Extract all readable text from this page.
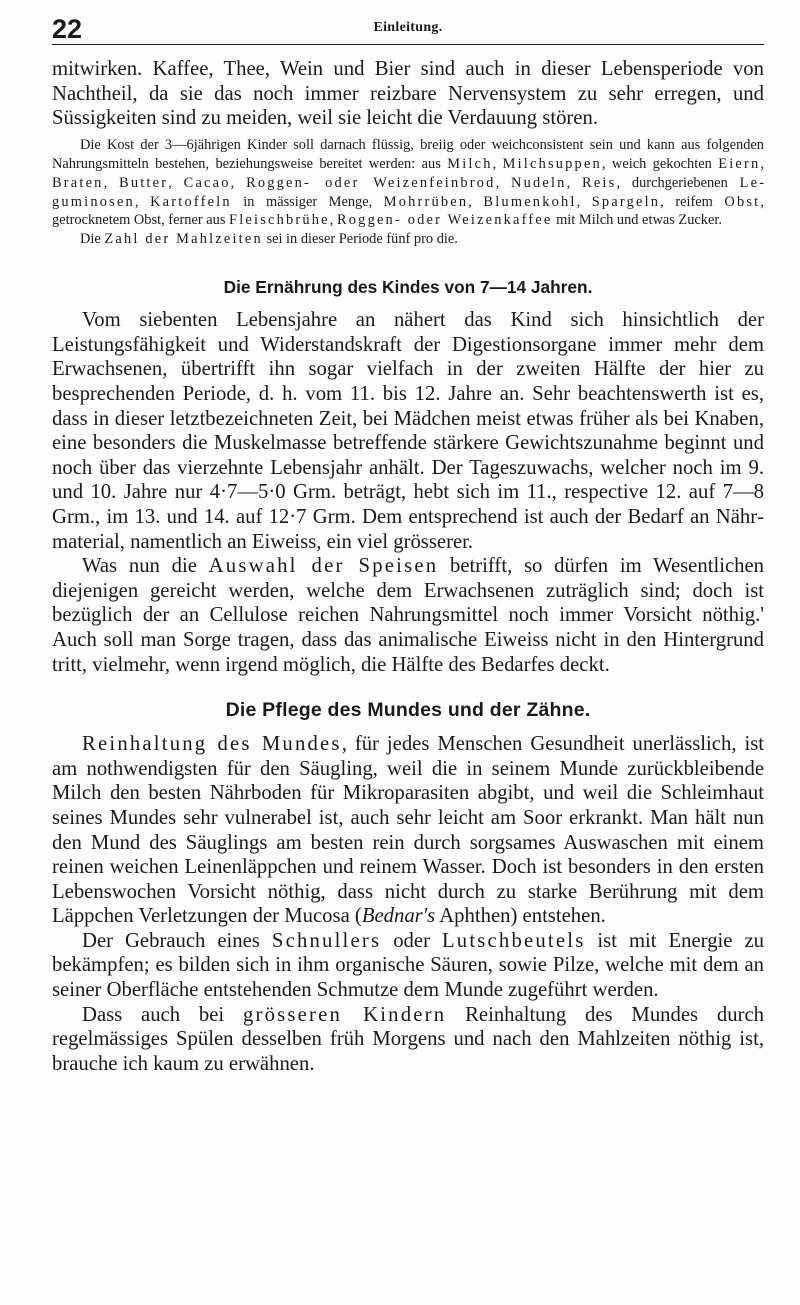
22	Einleitung.

mitwirken. Kaffee, Thee, Wein und Bier sind auch in dieser Lebensperiode von Nachtheil, da sie das noch immer reizbare Nervensystem zu sehr erregen, und Süssigkeiten sind zu meiden, weil sie leicht die Verdauung stören.

Die Kost der 3—6jährigen Kinder soll darnach flüssig, breiig oder weichconsistent sein und kann aus folgenden Nahrungsmitteln bestehen, beziehungsweise bereitet werden: aus Milch, Milchsuppen, weich gekochten Eiern, Braten, Butter, Cacao, Roggen- oder Weizenfeinbrod, Nudeln, Reis, durchgeriebenen Leguminosen, Kartoffeln in mässiger Menge, Mohrrüben, Blumenkohl, Spargeln, reifem Obst, getrocknetem Obst, ferner aus Fleischbrühe, Roggen- oder Weizenkaffee mit Milch und etwas Zucker.

Die Zahl der Mahlzeiten sei in dieser Periode fünf pro die.

Die Ernährung des Kindes von 7—14 Jahren.

Vom siebenten Lebensjahre an nähert das Kind sich hinsichtlich der Leistungsfähigkeit und Widerstandskraft der Digestionsorgane immer mehr dem Erwachsenen, übertrifft ihn sogar vielfach in der zweiten Hälfte der hier zu besprechenden Periode, d. h. vom 11. bis 12. Jahre an. Sehr beachtenswerth ist es, dass in dieser letztbezeichneten Zeit, bei Mädchen meist etwas früher als bei Knaben, eine besonders die Muskelmasse betreffende stärkere Gewichtszunahme beginnt und noch über das vierzehnte Lebensjahr anhält. Der Tageszuwachs, welcher noch im 9. und 10. Jahre nur 4·7—5·0 Grm. beträgt, hebt sich im 11., respective 12. auf 7—8 Grm., im 13. und 14. auf 12·7 Grm. Dem entsprechend ist auch der Bedarf an Nährmaterial, namentlich an Eiweiss, ein viel grösserer.

Was nun die Auswahl der Speisen betrifft, so dürfen im Wesentlichen diejenigen gereicht werden, welche dem Erwachsenen zuträglich sind; doch ist bezüglich der an Cellulose reichen Nahrungsmittel noch immer Vorsicht nöthig.' Auch soll man Sorge tragen, dass das animalische Eiweiss nicht in den Hintergrund tritt, vielmehr, wenn irgend möglich, die Hälfte des Bedarfes deckt.

Die Pflege des Mundes und der Zähne.

Reinhaltung des Mundes, für jedes Menschen Gesundheit unerlässlich, ist am nothwendigsten für den Säugling, weil die in seinem Munde zurückbleibende Milch den besten Nährboden für Mikroparasiten abgibt, und weil die Schleimhaut seines Mundes sehr vulnerabel ist, auch sehr leicht am Soor erkrankt. Man hält nun den Mund des Säuglings am besten rein durch sorgsames Auswaschen mit einem reinen weichen Leinenläppchen und reinem Wasser. Doch ist besonders in den ersten Lebenswochen Vorsicht nöthig, dass nicht durch zu starke Berührung mit dem Läppchen Verletzungen der Mucosa (Bednar's Aphthen) entstehen.

Der Gebrauch eines Schnullers oder Lutschbeutels ist mit Energie zu bekämpfen; es bilden sich in ihm organische Säuren, sowie Pilze, welche mit dem an seiner Oberfläche entstehenden Schmutze dem Munde zugeführt werden.

Dass auch bei grösseren Kindern Reinhaltung des Mundes durch regelmässiges Spülen desselben früh Morgens und nach den Mahlzeiten nöthig ist, brauche ich kaum zu erwähnen.
